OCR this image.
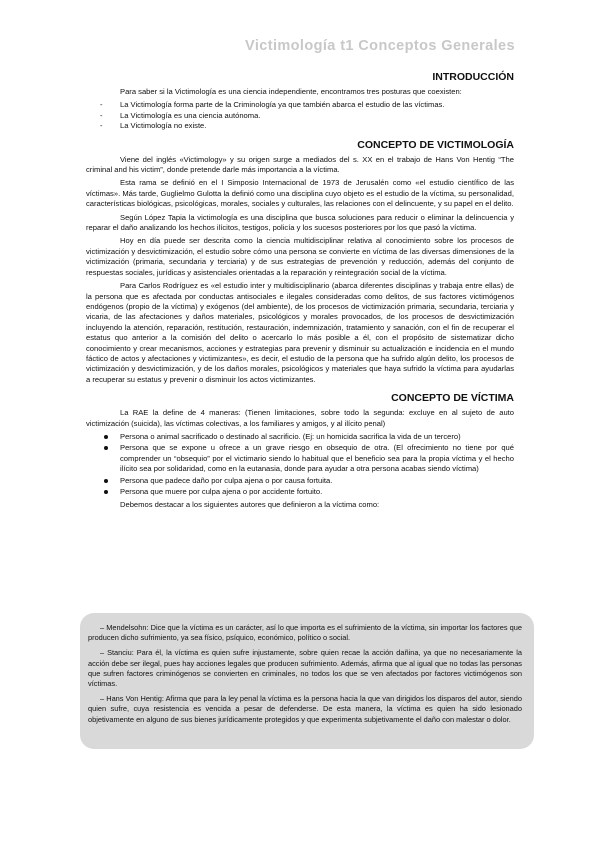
Victimología t1 Conceptos Generales
INTRODUCCIÓN

Para saber si la Victimología es una ciencia independiente, encontramos tres posturas que coexisten:

- La Victimología forma parte de la Criminología ya que también abarca el estudio de las víctimas.
- La Victimología es una ciencia autónoma.
- La Victimología no existe.
CONCEPTO DE VICTIMOLOGÍA

Viene del inglés «Victimology» y su origen surge a mediados del s. XX en el trabajo de Hans Von Hentig “The criminal and his victim”, donde pretende darle más importancia a la víctima.

Esta rama se definió en el I Simposio Internacional de 1973 de Jerusalén como «el estudio científico de las víctimas». Más tarde, Guglielmo Gulotta la definió como una disciplina cuyo objeto es el estudio de la víctima, su personalidad, características biológicas, psicológicas, morales, sociales y culturales, las relaciones con el delincuente, y su papel en el delito.

Según López Tapia la victimología es una disciplina que busca soluciones para reducir o eliminar la delincuencia y reparar el daño analizando los hechos ilícitos, testigos, policía y los sucesos posteriores por los que pasó la víctima.

Hoy en día puede ser descrita como la ciencia multidisciplinar relativa al conocimiento sobre los procesos de victimización y desvictimización, el estudio sobre cómo una persona se convierte en víctima de las diversas dimensiones de la victimización (primaria, secundaria y terciaria) y de sus estrategias de prevención y reducción, además del conjunto de respuestas sociales, jurídicas y asistenciales orientadas a la reparación y reintegración social de la víctima.

Para Carlos Rodríguez es «el estudio inter y multidisciplinario (abarca diferentes disciplinas y trabaja entre ellas) de la persona que es afectada por conductas antisociales e ilegales consideradas como delitos, de sus factores victimógenos endógenos (propio de la víctima) y exógenos (del ambiente), de los procesos de victimización primaria, secundaria, terciaria y vicaria, de las afectaciones y daños materiales, psicológicos y morales provocados, de los procesos de desvictimización incluyendo la atención, reparación, restitución, restauración, indemnización, tratamiento y sanación, con el fin de recuperar el estatus quo anterior a la comisión del delito o acercarlo lo más posible a él, con el propósito de sistematizar dicho conocimiento y crear mecanismos, acciones y estrategias para prevenir y disminuir su actualización e incidencia en el mundo fáctico de actos y afectaciones y victimizantes», es decir, el estudio de la persona que ha sufrido algún delito, los procesos de victimización y desvictimización, y de los daños morales, psicológicos y materiales que haya sufrido la víctima para ayudarlas a recuperar su estatus y prevenir o disminuir los actos victimizantes.

CONCEPTO DE VÍCTIMA

La RAE la define de 4 maneras: (Tienen limitaciones, sobre todo la segunda: excluye en al sujeto de auto victimización (suicida), las víctimas colectivas, a los familiares y amigos, y al ilícito penal)

Persona o animal sacrificado o destinado al sacrificio. (Ej: un homicida sacrifica la vida de un tercero)
Persona que se expone u ofrece a un grave riesgo en obsequio de otra. (El ofrecimiento no tiene por qué comprender un “obsequio” por el victimario siendo lo habitual que el beneficio sea para la propia víctima y el hecho ilícito sea por solidaridad, como en la eutanasia, donde para ayudar a otra persona acabas siendo víctima)
Persona que padece daño por culpa ajena o por causa fortuita.
Persona que muere por culpa ajena o por accidente fortuito.

Debemos destacar a los siguientes autores que definieron a la víctima como:

– Mendelsohn: Dice que la víctima es un carácter, así lo que importa es el sufrimiento de la víctima, sin importar los factores que producen dicho sufrimiento, ya sea físico, psíquico, económico, político o social.

– Stanciu: Para él, la víctima es quien sufre injustamente, sobre quien recae la acción dañina, ya que no necesariamente la acción debe ser ilegal, pues hay acciones legales que producen sufrimiento. Además, afirma que al igual que no todas las personas que sufren factores criminógenos se convierten en criminales, no todos los que se ven afectados por factores victimógenos son víctimas.

– Hans Von Hentig: Afirma que para la ley penal la víctima es la persona hacia la que van dirigidos los disparos del autor, siendo quien sufre, cuya resistencia es vencida a pesar de defenderse. De esta manera, la víctima es quien ha sido lesionado objetivamente en alguno de sus bienes jurídicamente protegidos y que experimenta subjetivamente el daño con malestar o dolor.
